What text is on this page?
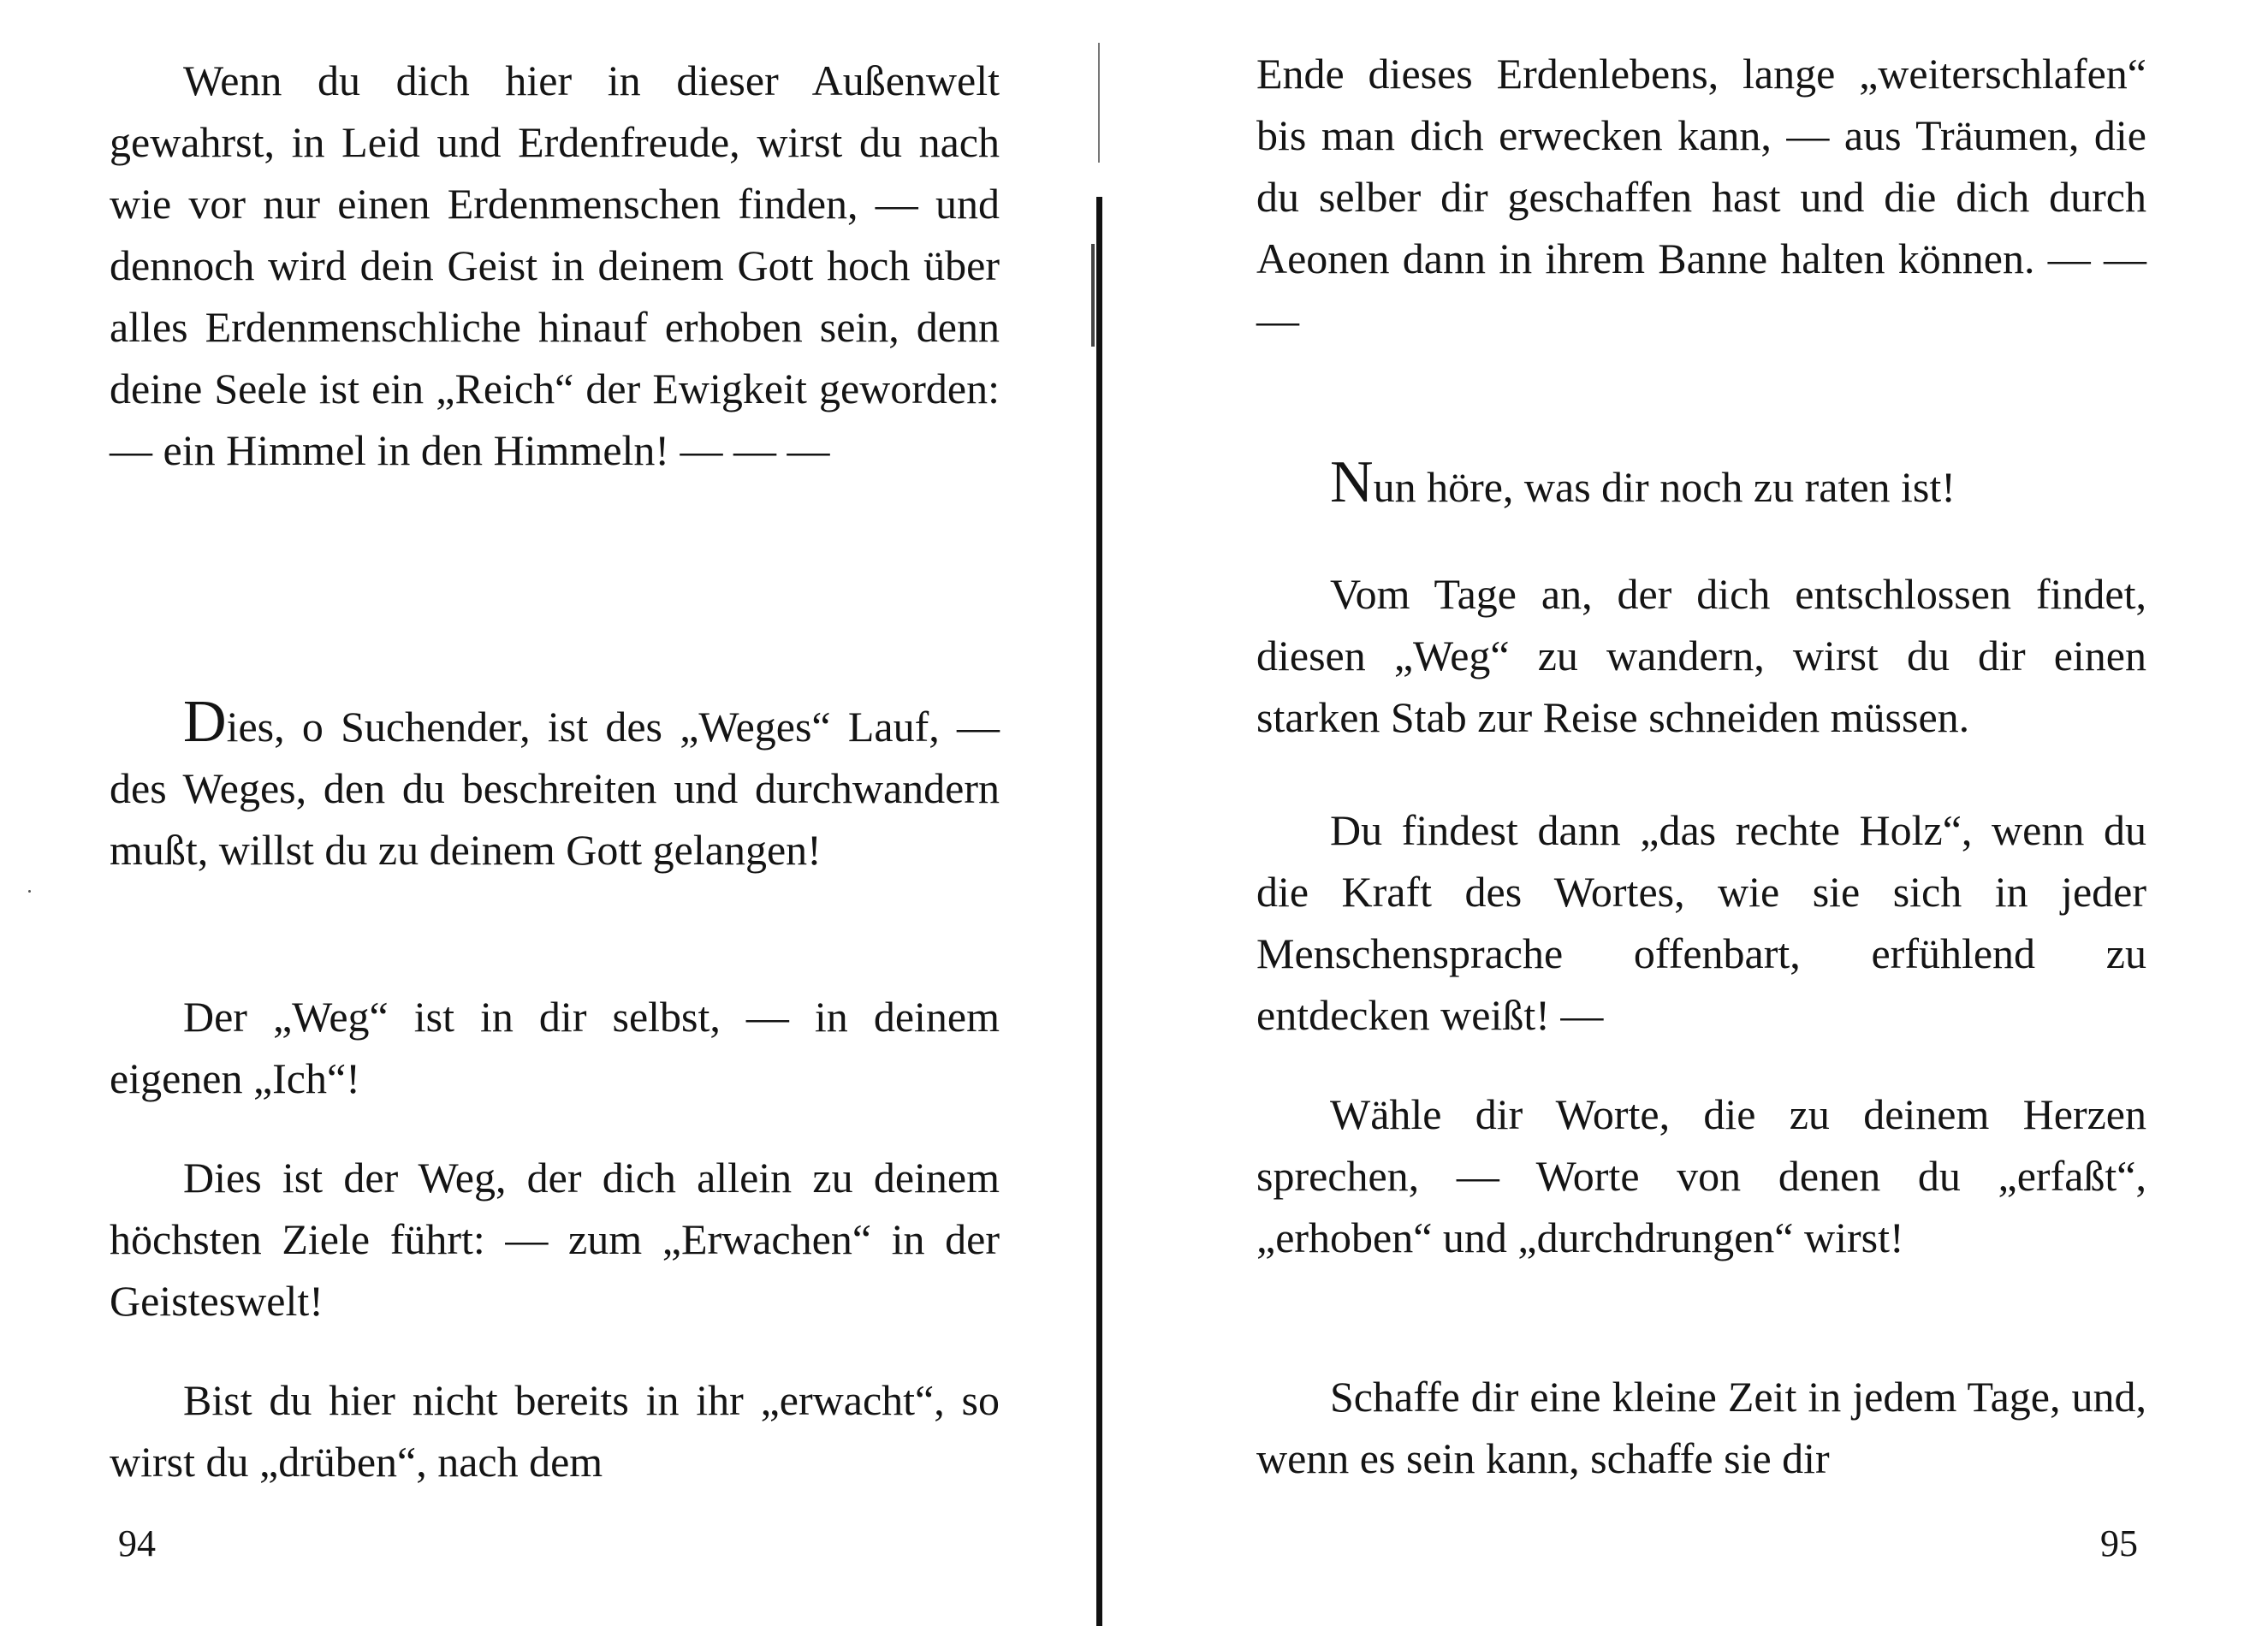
Wenn du dich hier in dieser Außenwelt gewahrst, in Leid und Erdenfreude, wirst du nach wie vor nur einen Erdenmenschen finden, — und dennoch wird dein Geist in deinem Gott hoch über alles Erdenmenschliche hinauf erhoben sein, denn deine Seele ist ein „Reich“ der Ewigkeit geworden: — ein Himmel in den Himmeln! — — —

Dies, o Suchender, ist des „Weges“ Lauf, — des Weges, den du beschreiten und durchwandern mußt, willst du zu deinem Gott gelangen!

Der „Weg“ ist in dir selbst, — in deinem eigenen „Ich“!

Dies ist der Weg, der dich allein zu deinem höchsten Ziele führt: — zum „Erwachen“ in der Geisteswelt!

Bist du hier nicht bereits in ihr „erwacht“, so wirst du „drüben“, nach dem

94

Ende dieses Erdenlebens, lange „weiterschlafen“ bis man dich erwecken kann, — aus Träumen, die du selber dir geschaffen hast und die dich durch Aeonen dann in ihrem Banne halten können. — — —

Nun höre, was dir noch zu raten ist!

Vom Tage an, der dich entschlossen findet, diesen „Weg“ zu wandern, wirst du dir einen starken Stab zur Reise schneiden müssen.

Du findest dann „das rechte Holz“, wenn du die Kraft des Wortes, wie sie sich in jeder Menschensprache offenbart, erfühlend zu entdecken weißt! —

Wähle dir Worte, die zu deinem Herzen sprechen, — Worte von denen du „erfaßt“, „erhoben“ und „durchdrungen“ wirst!

Schaffe dir eine kleine Zeit in jedem Tage, und, wenn es sein kann, schaffe sie dir

95
